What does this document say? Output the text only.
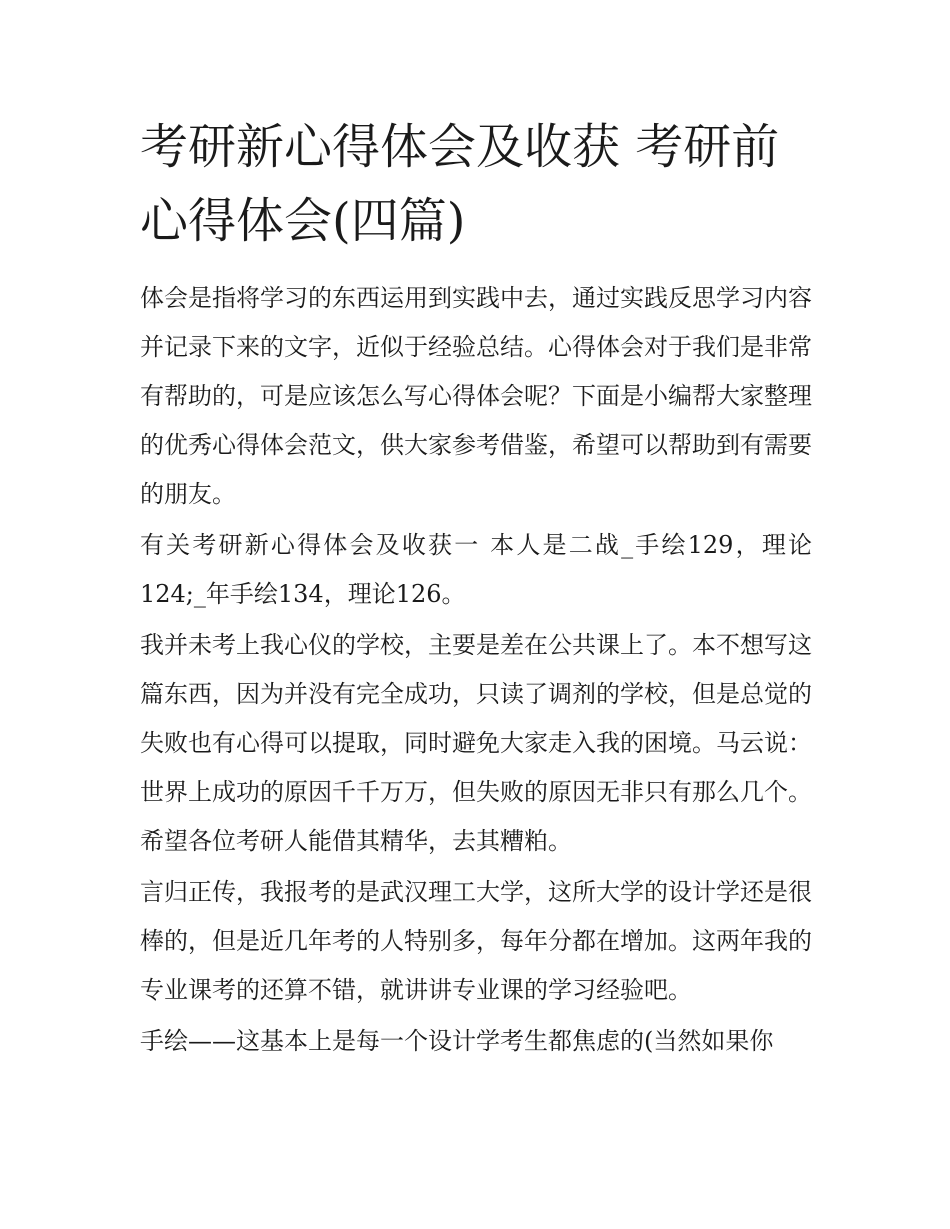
考研新心得体会及收获 考研前心得体会(四篇)

体会是指将学习的东西运用到实践中去，通过实践反思学习内容并记录下来的文字，近似于经验总结。心得体会对于我们是非常有帮助的，可是应该怎么写心得体会呢？下面是小编帮大家整理的优秀心得体会范文，供大家参考借鉴，希望可以帮助到有需要的朋友。

有关考研新心得体会及收获一 本人是二战_手绘129，理论124;_年手绘134，理论126。

我并未考上我心仪的学校，主要是差在公共课上了。本不想写这篇东西，因为并没有完全成功，只读了调剂的学校，但是总觉的失败也有心得可以提取，同时避免大家走入我的困境。马云说：世界上成功的原因千千万万，但失败的原因无非只有那么几个。希望各位考研人能借其精华，去其糟粕。

言归正传，我报考的是武汉理工大学，这所大学的设计学还是很棒的，但是近几年考的人特别多，每年分都在增加。这两年我的专业课考的还算不错，就讲讲专业课的学习经验吧。

手绘——这基本上是每一个设计学考生都焦虑的(当然如果你
